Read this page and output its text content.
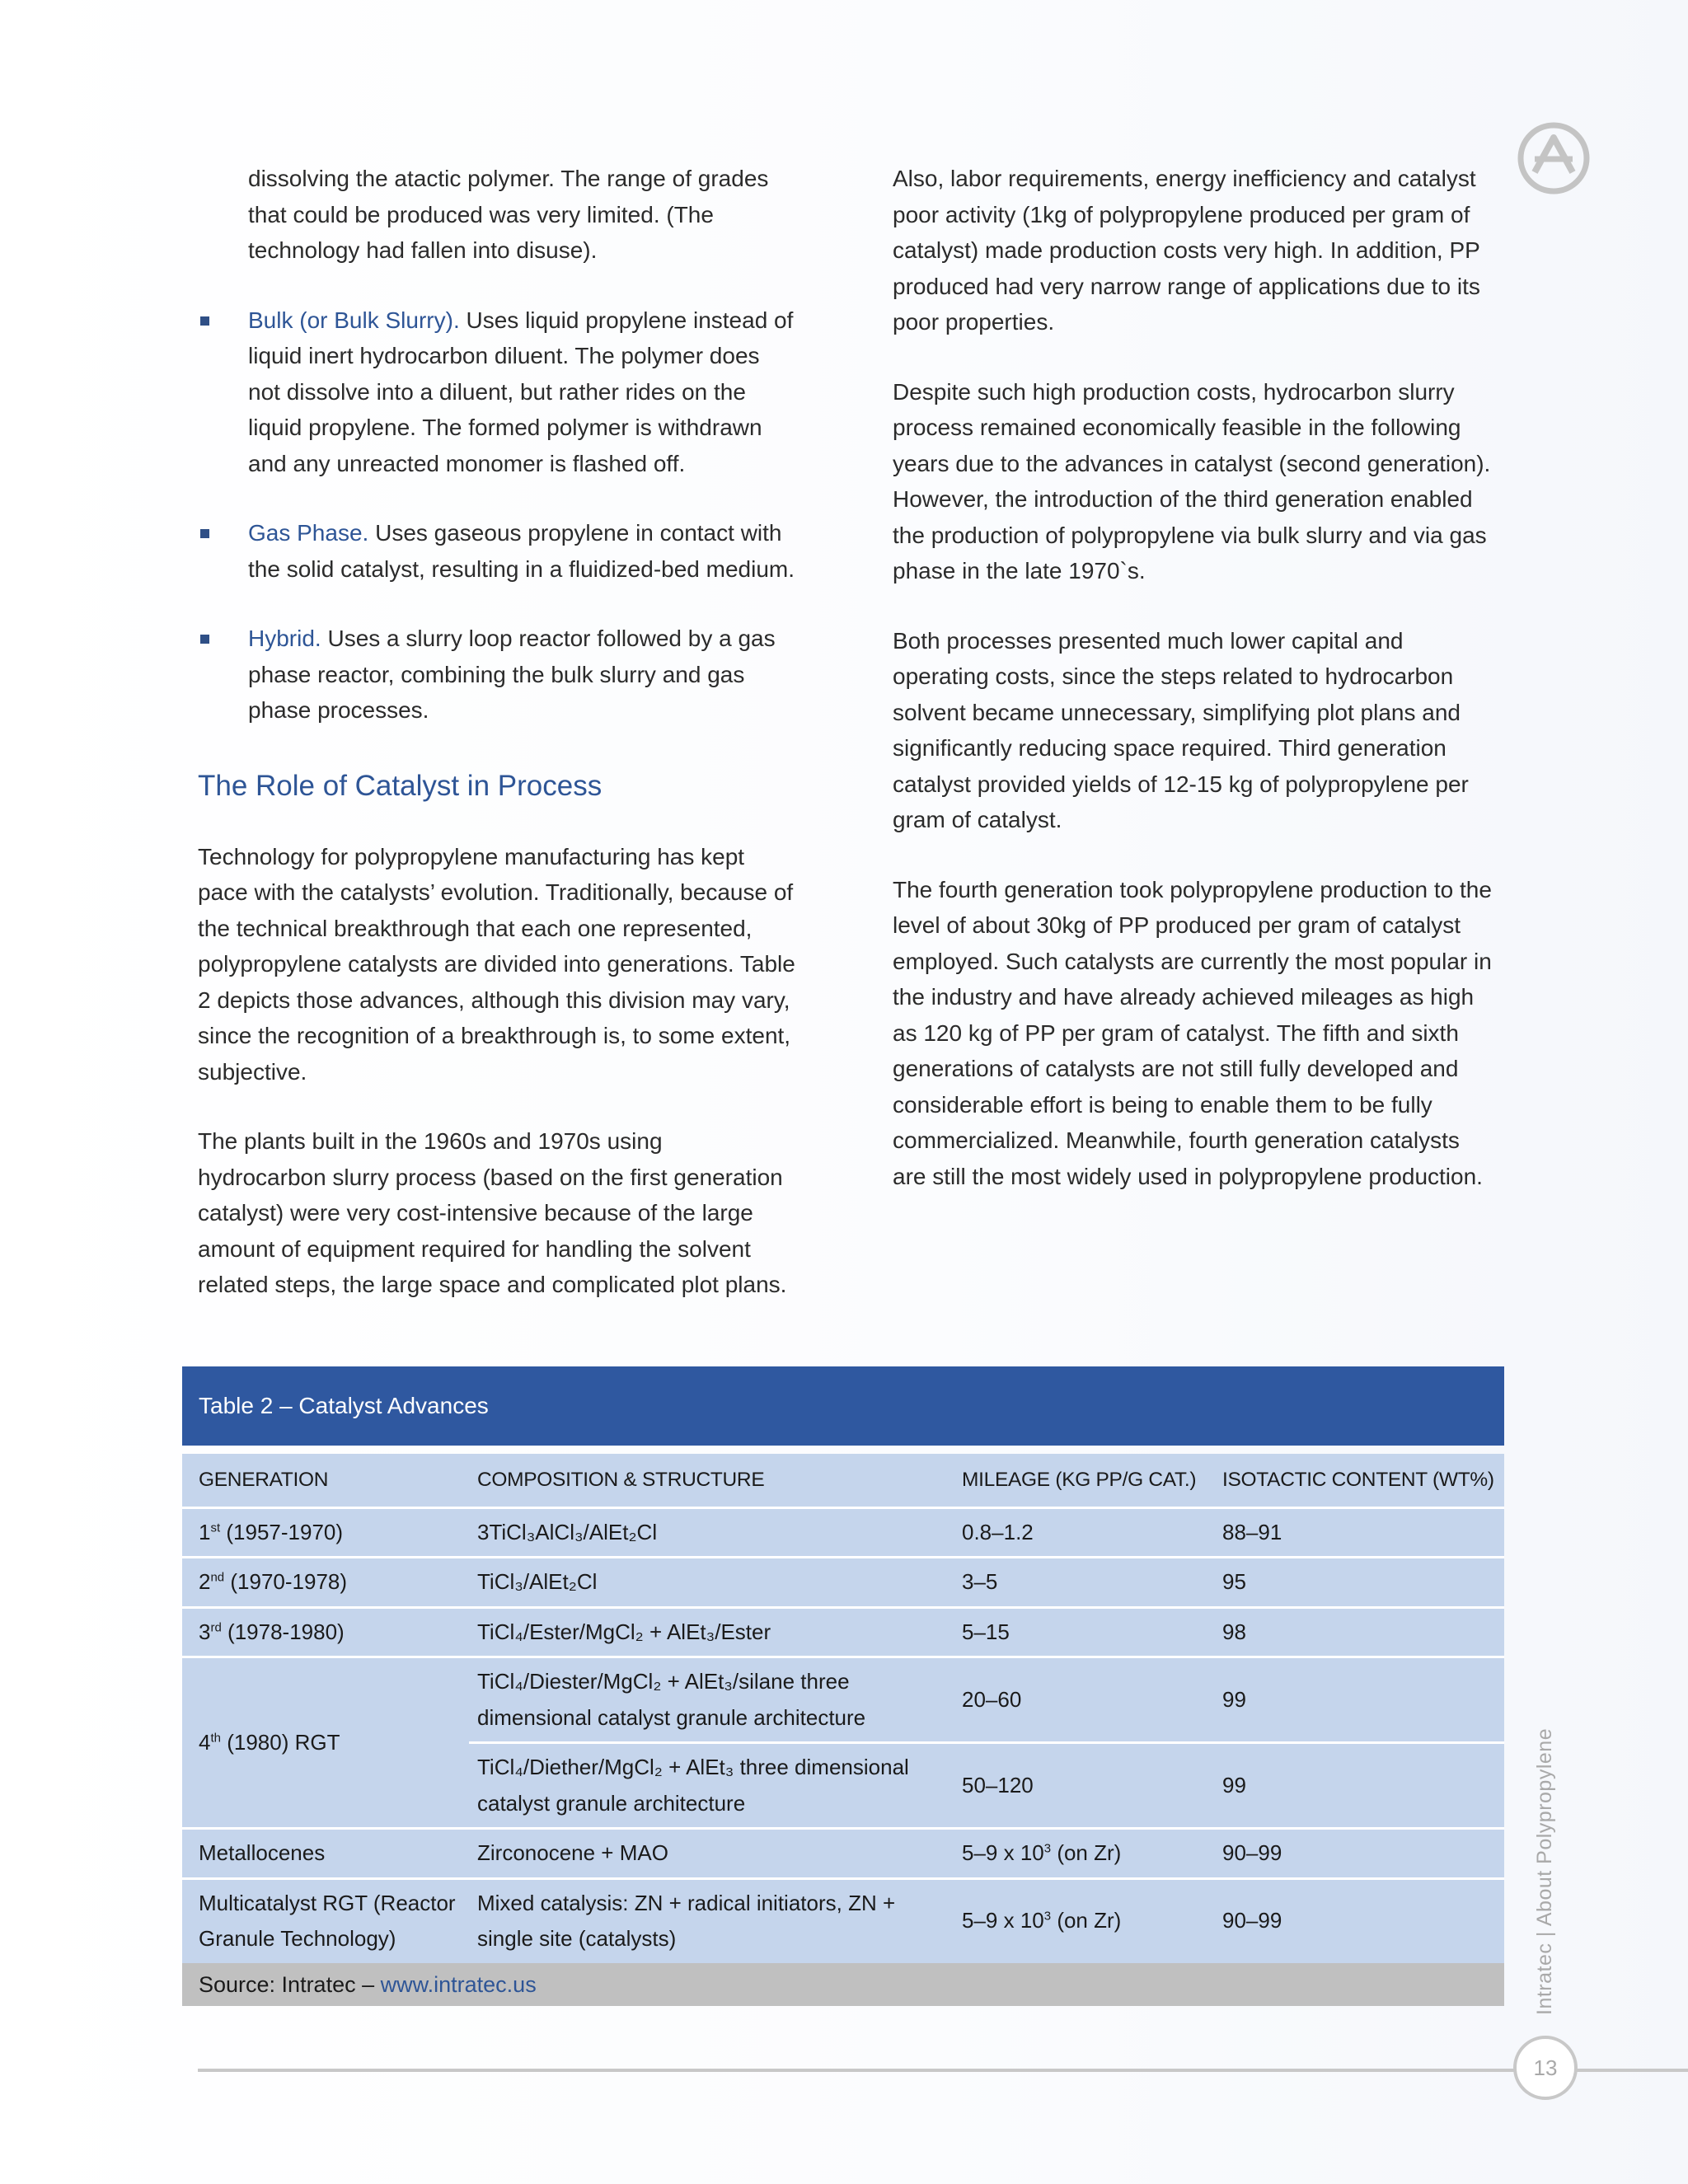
dissolving the atactic polymer. The range of grades that could be produced was very limited. (The technology had fallen into disuse).

Bulk (or Bulk Slurry). Uses liquid propylene instead of liquid inert hydrocarbon diluent. The polymer does not dissolve into a diluent, but rather rides on the liquid propylene. The formed polymer is withdrawn and any unreacted monomer is flashed off.

Gas Phase. Uses gaseous propylene in contact with the solid catalyst, resulting in a fluidized-bed medium.

Hybrid. Uses a slurry loop reactor followed by a gas phase reactor, combining the bulk slurry and gas phase processes.

The Role of Catalyst in Process

Technology for polypropylene manufacturing has kept pace with the catalysts’ evolution. Traditionally, because of the technical breakthrough that each one represented, polypropylene catalysts are divided into generations. Table 2 depicts those advances, although this division may vary, since the recognition of a breakthrough is, to some extent, subjective.

The plants built in the 1960s and 1970s using hydrocarbon slurry process (based on the first generation catalyst) were very cost-intensive because of the large amount of equipment required for handling the solvent related steps, the large space and complicated plot plans.

Also, labor requirements, energy inefficiency and catalyst poor activity (1kg of polypropylene produced per gram of catalyst) made production costs very high. In addition, PP produced had very narrow range of applications due to its poor properties.

Despite such high production costs, hydrocarbon slurry process remained economically feasible in the following years due to the advances in catalyst (second generation). However, the introduction of the third generation enabled the production of polypropylene via bulk slurry and via gas phase in the late 1970`s.

Both processes presented much lower capital and operating costs, since the steps related to hydrocarbon solvent became unnecessary, simplifying plot plans and significantly reducing space required. Third generation catalyst provided yields of 12-15 kg of polypropylene per gram of catalyst.

The fourth generation took polypropylene production to the level of about 30kg of PP produced per gram of catalyst employed. Such catalysts are currently the most popular in the industry and have already achieved mileages as high as 120 kg of PP per gram of catalyst. The fifth and sixth generations of catalysts are not still fully developed and considerable effort is being to enable them to be fully commercialized. Meanwhile, fourth generation catalysts are still the most widely used in polypropylene production.

Table 2 – Catalyst Advances
GENERATION	COMPOSITION & STRUCTURE	MILEAGE (KG PP/G CAT.)	ISOTACTIC CONTENT (WT%)
1st (1957-1970)	3TiCl₃AlCl₃/AlEt₂Cl	0.8–1.2	88–91
2nd (1970-1978)	TiCl₃/AlEt₂Cl	3–5	95
3rd (1978-1980)	TiCl₄/Ester/MgCl₂ + AlEt₃/Ester	5–15	98
4th (1980) RGT	TiCl₄/Diester/MgCl₂ + AlEt₃/silane three dimensional catalyst granule architecture	20–60	99
	TiCl₄/Diether/MgCl₂ + AlEt₃ three dimensional catalyst granule architecture	50–120	99
Metallocenes	Zirconocene + MAO	5–9 x $10^3$ (on Zr)	90–99
Multicatalyst RGT (Reactor Granule Technology)	Mixed catalysis: ZN + radical initiators, ZN + single site (catalysts)	5–9 x $10^3$ (on Zr)	90–99
Source: Intratec – www.intratec.us	Intratec | About Polypropylene
13
